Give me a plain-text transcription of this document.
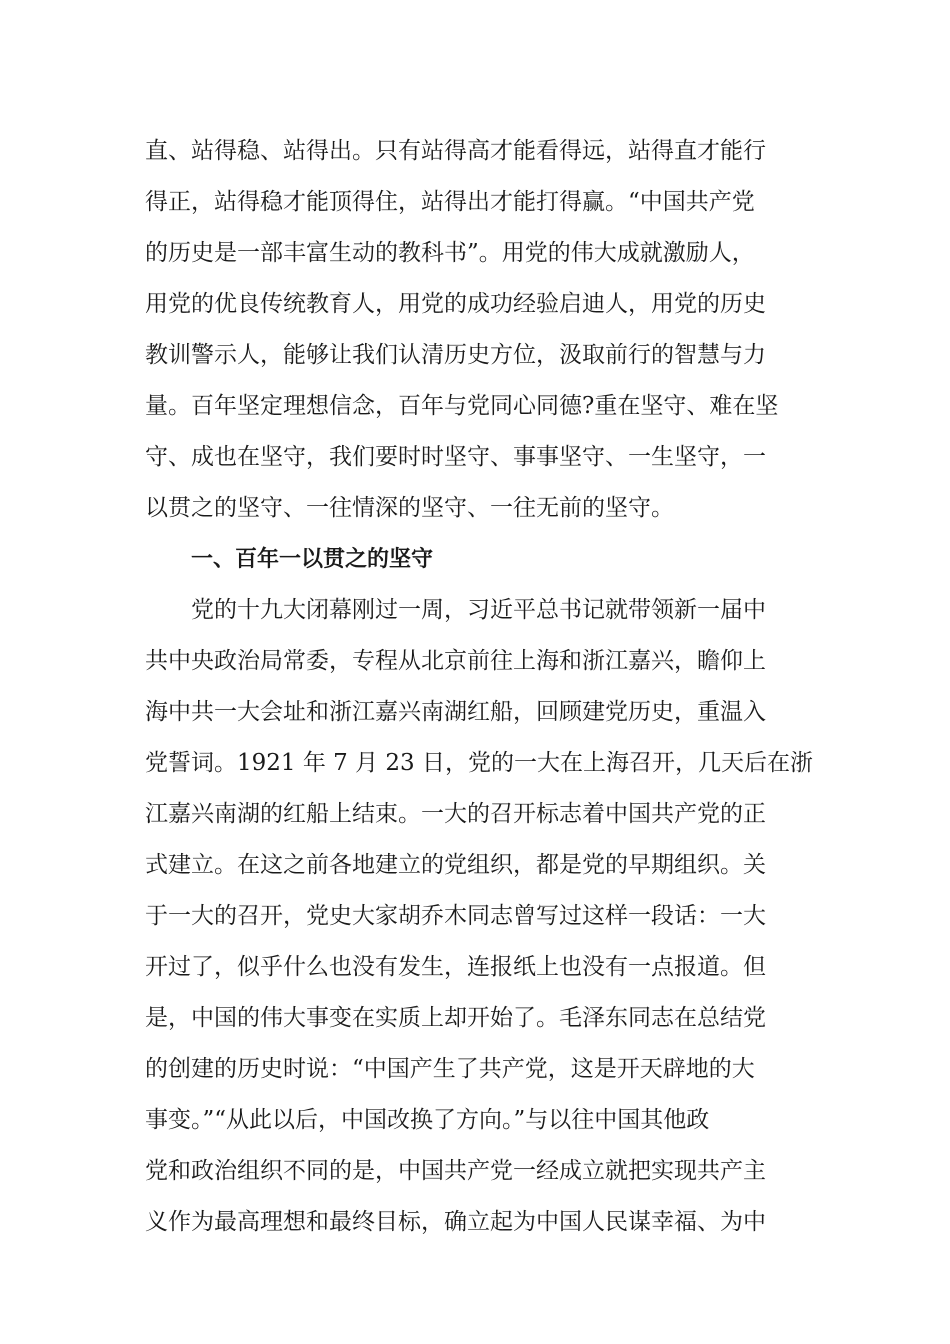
直、站得稳、站得出。只有站得高才能看得远，站得直才能行
得正，站得稳才能顶得住，站得出才能打得赢。“中国共产党
的历史是一部丰富生动的教科书”。用党的伟大成就激励人，
用党的优良传统教育人，用党的成功经验启迪人，用党的历史
教训警示人，能够让我们认清历史方位，汲取前行的智慧与力
量。百年坚定理想信念，百年与党同心同德?重在坚守、难在坚
守、成也在坚守，我们要时时坚守、事事坚守、一生坚守，一
以贯之的坚守、一往情深的坚守、一往无前的坚守。
一、百年一以贯之的坚守
党的十九大闭幕刚过一周，习近平总书记就带领新一届中
共中央政治局常委，专程从北京前往上海和浙江嘉兴，瞻仰上
海中共一大会址和浙江嘉兴南湖红船，回顾建党历史，重温入
党誓词。1921 年 7 月 23 日，党的一大在上海召开，几天后在浙
江嘉兴南湖的红船上结束。一大的召开标志着中国共产党的正
式建立。在这之前各地建立的党组织，都是党的早期组织。关
于一大的召开，党史大家胡乔木同志曾写过这样一段话：一大
开过了，似乎什么也没有发生，连报纸上也没有一点报道。但
是，中国的伟大事变在实质上却开始了。毛泽东同志在总结党
的创建的历史时说：“中国产生了共产党，这是开天辟地的大
事变。”“从此以后，中国改换了方向。”与以往中国其他政
党和政治组织不同的是，中国共产党一经成立就把实现共产主
义作为最高理想和最终目标，确立起为中国人民谋幸福、为中
